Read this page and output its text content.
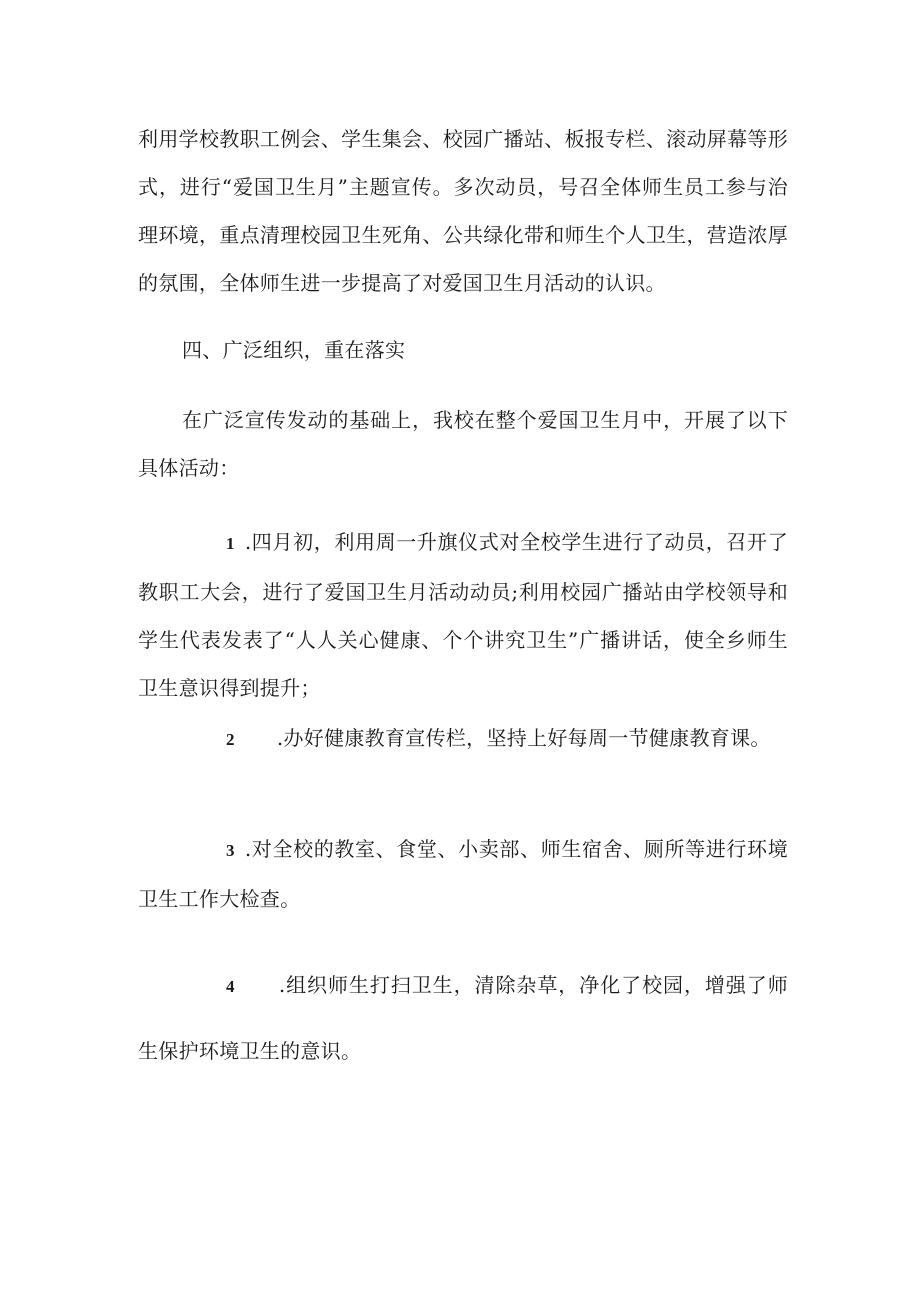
利用学校教职工例会、学生集会、校园广播站、板报专栏、滚动屏幕等形式，进行“爱国卫生月”主题宣传。多次动员，号召全体师生员工参与治理环境，重点清理校园卫生死角、公共绿化带和师生个人卫生，营造浓厚的氛围，全体师生进一步提高了对爱国卫生月活动的认识。

四、广泛组织，重在落实

在广泛宣传发动的基础上，我校在整个爱国卫生月中，开展了以下具体活动：

1 .四月初，利用周一升旗仪式对全校学生进行了动员，召开了教职工大会，进行了爱国卫生月活动动员;利用校园广播站由学校领导和学生代表发表了“人人关心健康、个个讲究卫生”广播讲话，使全乡师生卫生意识得到提升；

2 .办好健康教育宣传栏，坚持上好每周一节健康教育课。

3 .对全校的教室、食堂、小卖部、师生宿舍、厕所等进行环境卫生工作大检查。

4 .组织师生打扫卫生，清除杂草，净化了校园，增强了师生保护环境卫生的意识。
